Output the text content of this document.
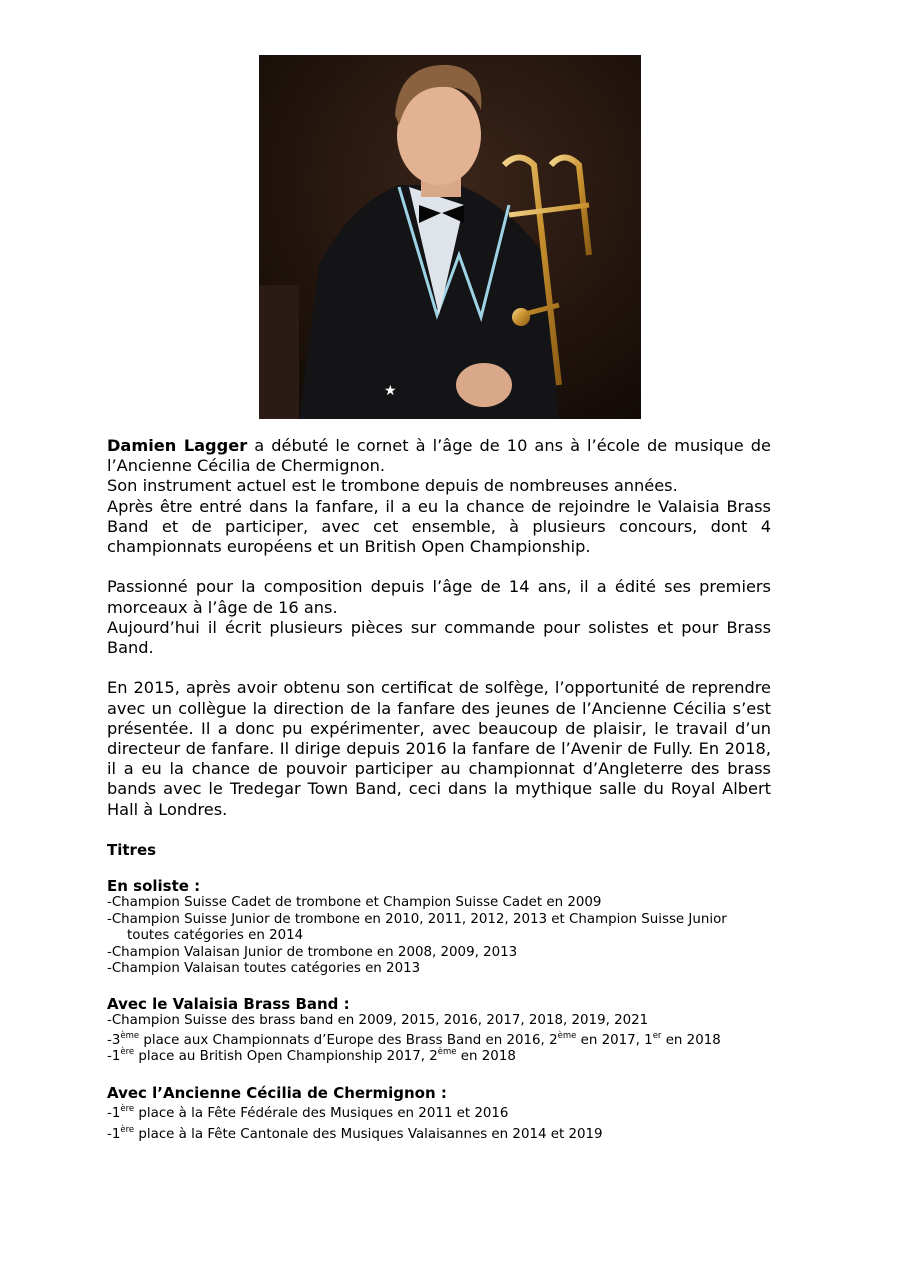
★

Damien Lagger a débuté le cornet à l’âge de 10 ans à l’école de musique de l’Ancienne Cécilia de Chermignon.

Son instrument actuel est le trombone depuis de nombreuses années.

Après être entré dans la fanfare, il a eu la chance de rejoindre le Valaisia Brass Band et de participer, avec cet ensemble, à plusieurs concours, dont 4 championnats européens et un British Open Championship.

Passionné pour la composition depuis l’âge de 14 ans, il a édité ses premiers morceaux à l’âge de 16 ans.

Aujourd’hui il écrit plusieurs pièces sur commande pour solistes et pour Brass Band.

En 2015, après avoir obtenu son certificat de solfège, l’opportunité de reprendre avec un collègue la direction de la fanfare des jeunes de l’Ancienne Cécilia s’est présentée. Il a donc pu expérimenter, avec beaucoup de plaisir, le travail d’un directeur de fanfare. Il dirige depuis 2016 la fanfare de l’Avenir de Fully. En 2018, il a eu la chance de pouvoir participer au championnat d’Angleterre des brass bands avec le Tredegar Town Band, ceci dans la mythique salle du Royal Albert Hall à Londres.

Titres
En soliste :
-Champion Suisse Cadet de trombone et Champion Suisse Cadet en 2009
-Champion Suisse Junior de trombone en 2010, 2011, 2012, 2013 et Champion Suisse Junior
toutes catégories en 2014
-Champion Valaisan Junior de trombone en 2008, 2009, 2013
-Champion Valaisan toutes catégories en 2013
Avec le Valaisia Brass Band :
-Champion Suisse des brass band en 2009, 2015, 2016, 2017, 2018, 2019, 2021
-3ème place aux Championnats d’Europe des Brass Band en 2016, 2ème en 2017, 1er en 2018
-1ère place au British Open Championship 2017, 2ème en 2018
Avec l’Ancienne Cécilia de Chermignon :
-1ère place à la Fête Fédérale des Musiques en 2011 et 2016
-1ère place à la Fête Cantonale des Musiques Valaisannes en 2014 et 2019
